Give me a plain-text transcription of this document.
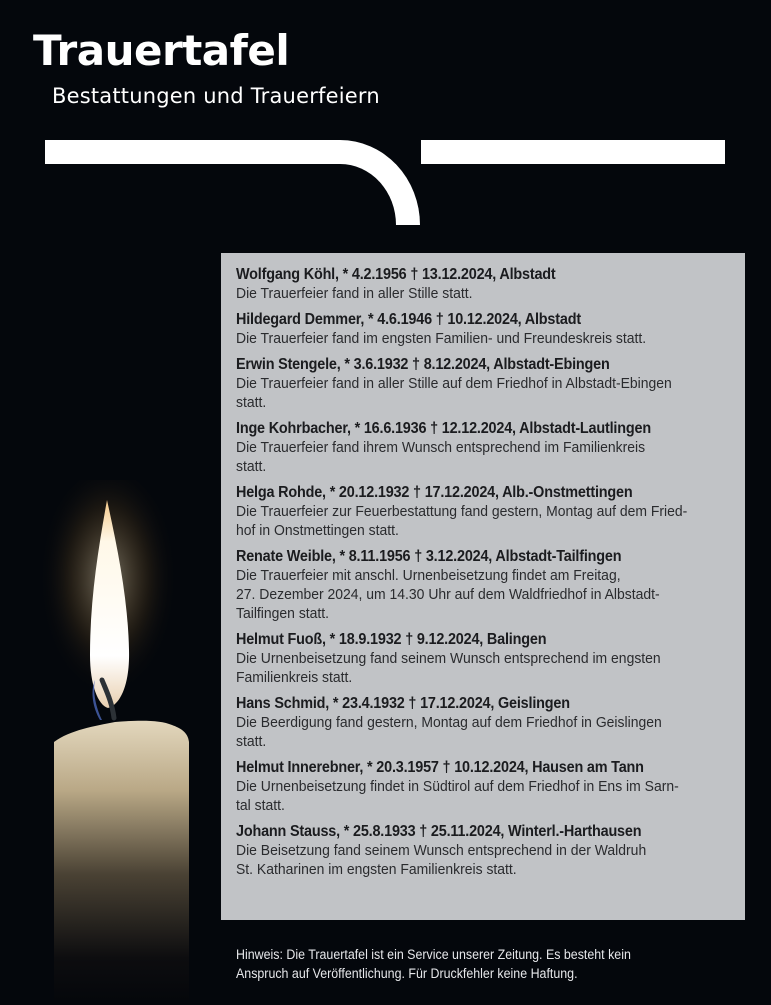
Trauertafel
Bestattungen und Trauerfeiern
Wolfgang Köhl, * 4.2.1956 † 13.12.2024, Albstadt
Die Trauerfeier fand in aller Stille statt.
Hildegard Demmer, * 4.6.1946 † 10.12.2024, Albstadt
Die Trauerfeier fand im engsten Familien- und Freundeskreis statt.
Erwin Stengele, * 3.6.1932 † 8.12.2024, Albstadt-Ebingen
Die Trauerfeier fand in aller Stille auf dem Friedhof in Albstadt-Ebingen
statt.
Inge Kohrbacher, * 16.6.1936 † 12.12.2024, Albstadt-Lautlingen
Die Trauerfeier fand ihrem Wunsch entsprechend im Familienkreis
statt.
Helga Rohde, * 20.12.1932 † 17.12.2024, Alb.-Onstmettingen
Die Trauerfeier zur Feuerbestattung fand gestern, Montag auf dem Fried-
hof in Onstmettingen statt.
Renate Weible, * 8.11.1956 † 3.12.2024, Albstadt-Tailfingen
Die Trauerfeier mit anschl. Urnenbeisetzung findet am Freitag,
27. Dezember 2024, um 14.30 Uhr auf dem Waldfriedhof in Albstadt-
Tailfingen statt.
Helmut Fuoß, * 18.9.1932 † 9.12.2024, Balingen
Die Urnenbeisetzung fand seinem Wunsch entsprechend im engsten
Familienkreis statt.
Hans Schmid, * 23.4.1932 † 17.12.2024, Geislingen
Die Beerdigung fand gestern, Montag auf dem Friedhof in Geislingen
statt.
Helmut Innerebner, * 20.3.1957 † 10.12.2024, Hausen am Tann
Die Urnenbeisetzung findet in Südtirol auf dem Friedhof in Ens im Sarn-
tal statt.
Johann Stauss, * 25.8.1933 † 25.11.2024, Winterl.-Harthausen
Die Beisetzung fand seinem Wunsch entsprechend in der Waldruh
St. Katharinen im engsten Familienkreis statt.
Hinweis: Die Trauertafel ist ein Service unserer Zeitung. Es besteht kein
Anspruch auf Veröffentlichung. Für Druckfehler keine Haftung.
